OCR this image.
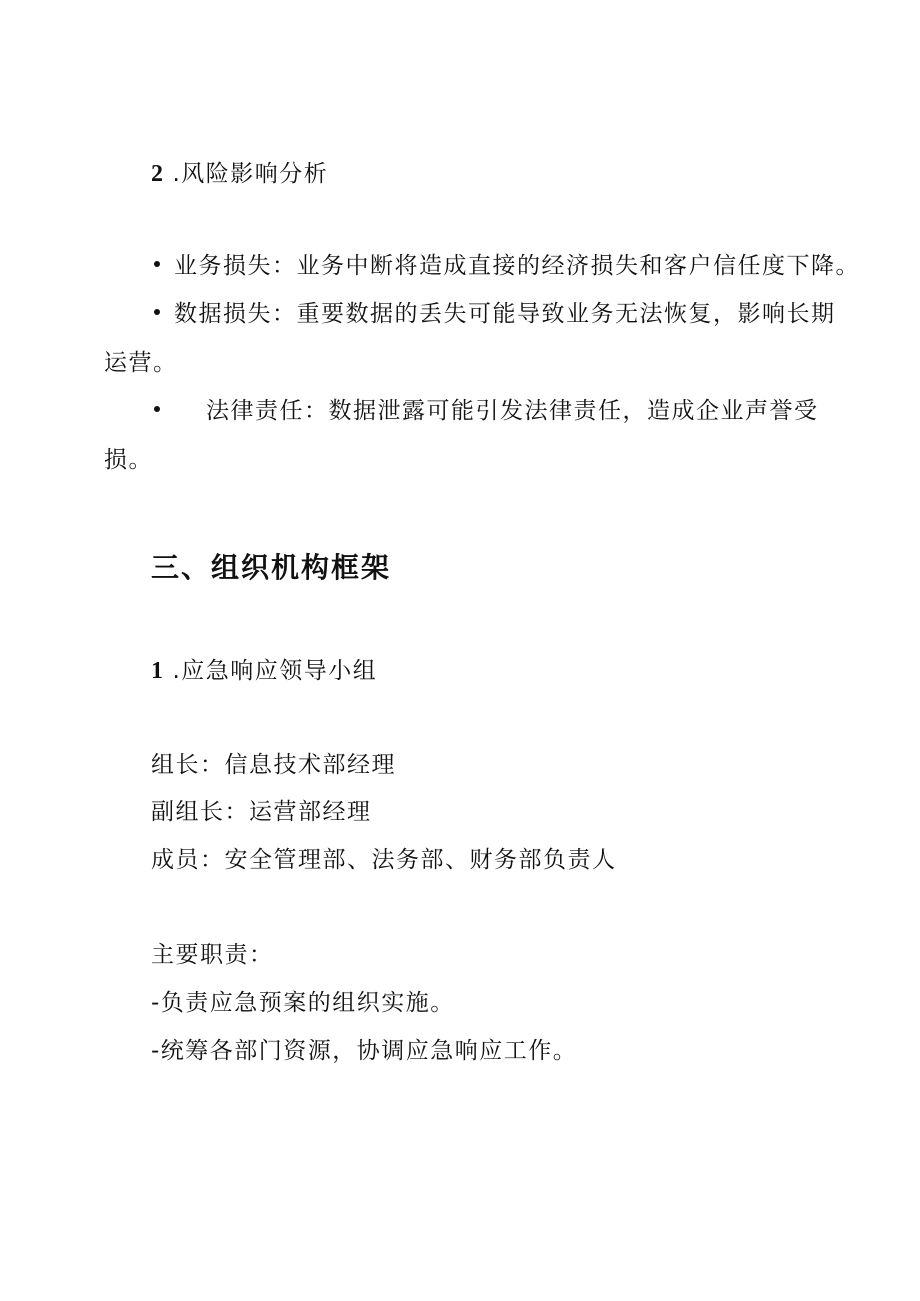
2 .风险影响分析
业务损失：业务中断将造成直接的经济损失和客户信任度下降。
数据损失：重要数据的丢失可能导致业务无法恢复，影响长期
运营。
法律责任：数据泄露可能引发法律责任，造成企业声誉受
损。
三、组织机构框架
1 .应急响应领导小组
组长：信息技术部经理
副组长：运营部经理
成员：安全管理部、法务部、财务部负责人
主要职责：
-负责应急预案的组织实施。
-统筹各部门资源，协调应急响应工作。
